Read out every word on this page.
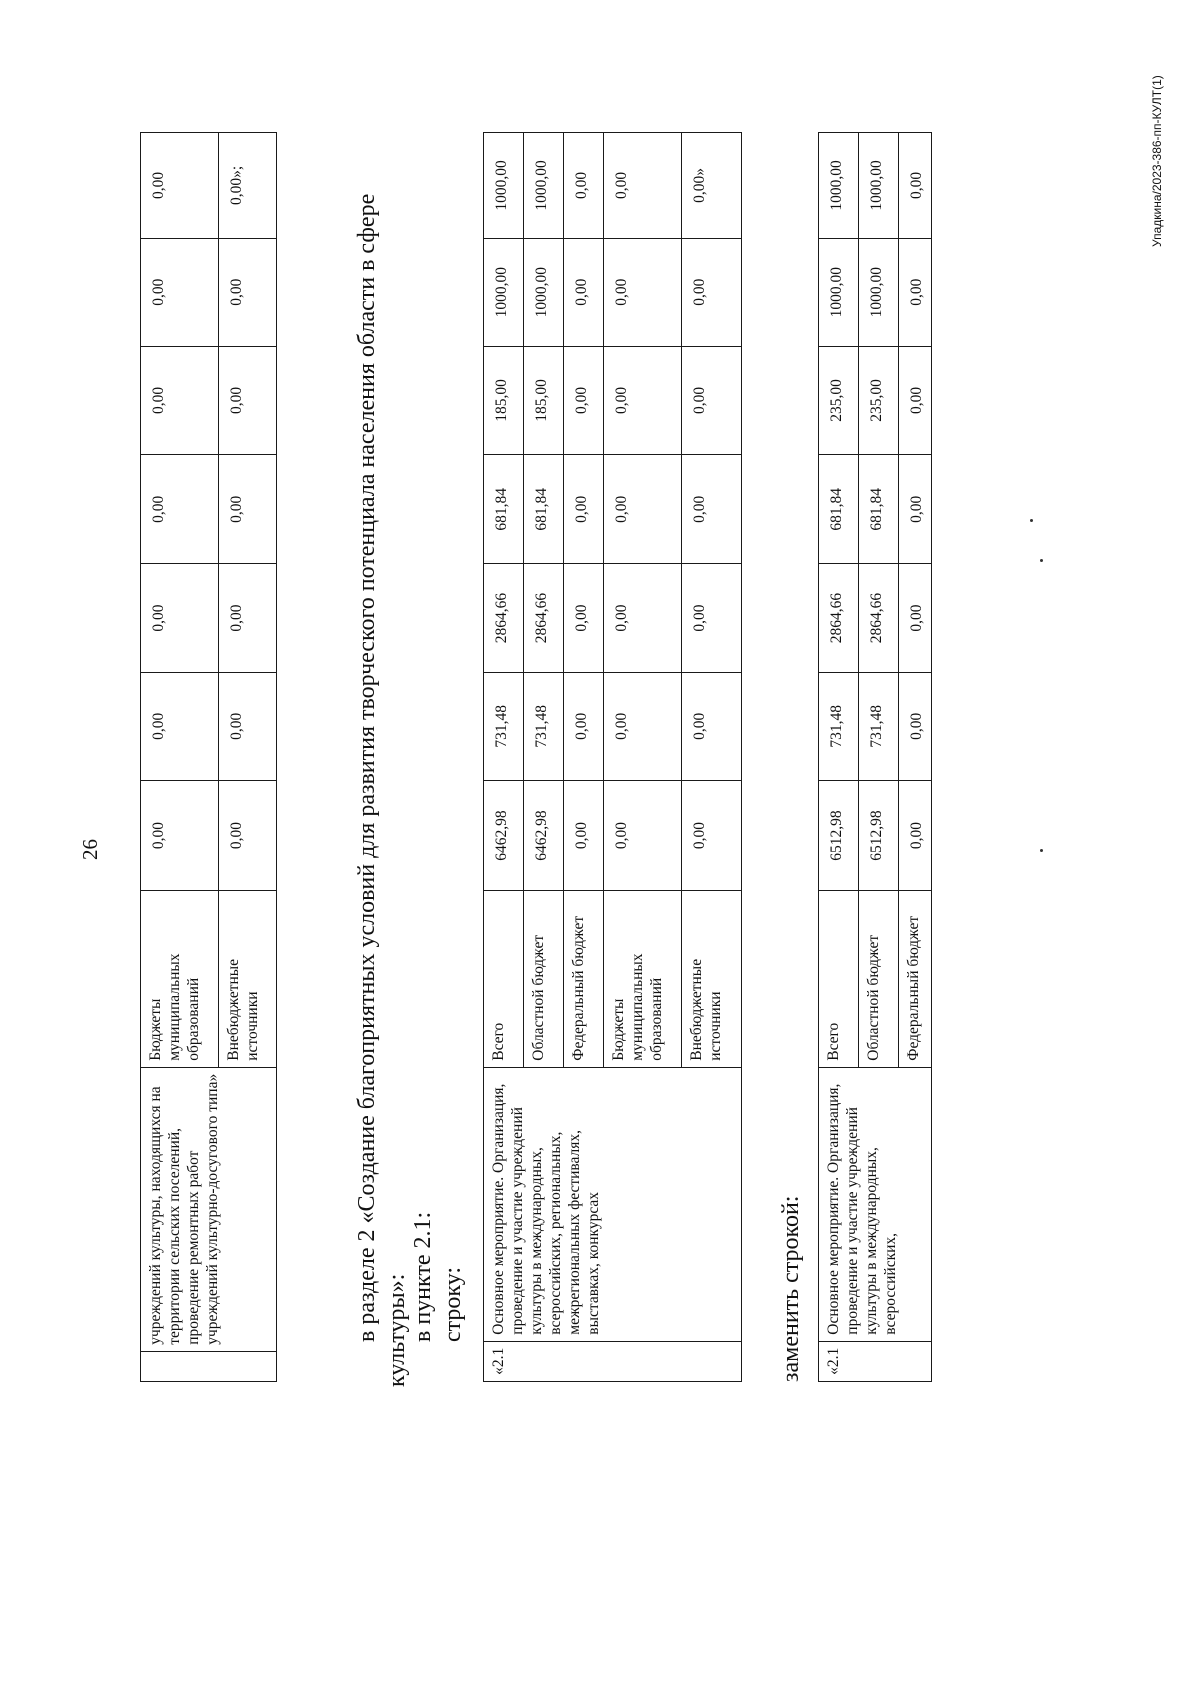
26
	учреждений культуры, находящихся на территории сельских поселений, проведение ремонтных работ учреждений культурно-досугового типа»	Бюджеты муниципальных образований	0,00	0,00	0,00	0,00	0,00	0,00	0,00
		Внебюджетные источники	0,00	0,00	0,00	0,00	0,00	0,00	0,00»;
в разделе 2 «Создание благоприятных условий для развития творческого потенциала населения области в сфере культуры»: в пункте 2.1: строку:
«2.1	Основное мероприятие. Организация, проведение и участие учреждений культуры в международных, всероссийских, региональных, межрегиональных фестивалях, выставках, конкурсах	Всего	6462,98	731,48	2864,66	681,84	185,00	1000,00	1000,00
		Областной бюджет	6462,98	731,48	2864,66	681,84	185,00	1000,00	1000,00
		Федеральный бюджет	0,00	0,00	0,00	0,00	0,00	0,00	0,00
		Бюджеты муниципальных образований	0,00	0,00	0,00	0,00	0,00	0,00	0,00
		Внебюджетные источники	0,00	0,00	0,00	0,00	0,00	0,00	0,00»
заменить строкой: «2.1	Основное мероприятие. Организация, проведение и участие учреждений культуры в международных, всероссийских,	Всего	6512,98	731,48	2864,66	681,84	235,00	1000,00	1000,00
		Областной бюджет	6512,98	731,48	2864,66	681,84	235,00	1000,00	1000,00
		Федеральный бюджет	0,00	0,00	0,00	0,00	0,00	0,00	0,00	Упадкина/2023-386-пп-КУЛТ(1)
